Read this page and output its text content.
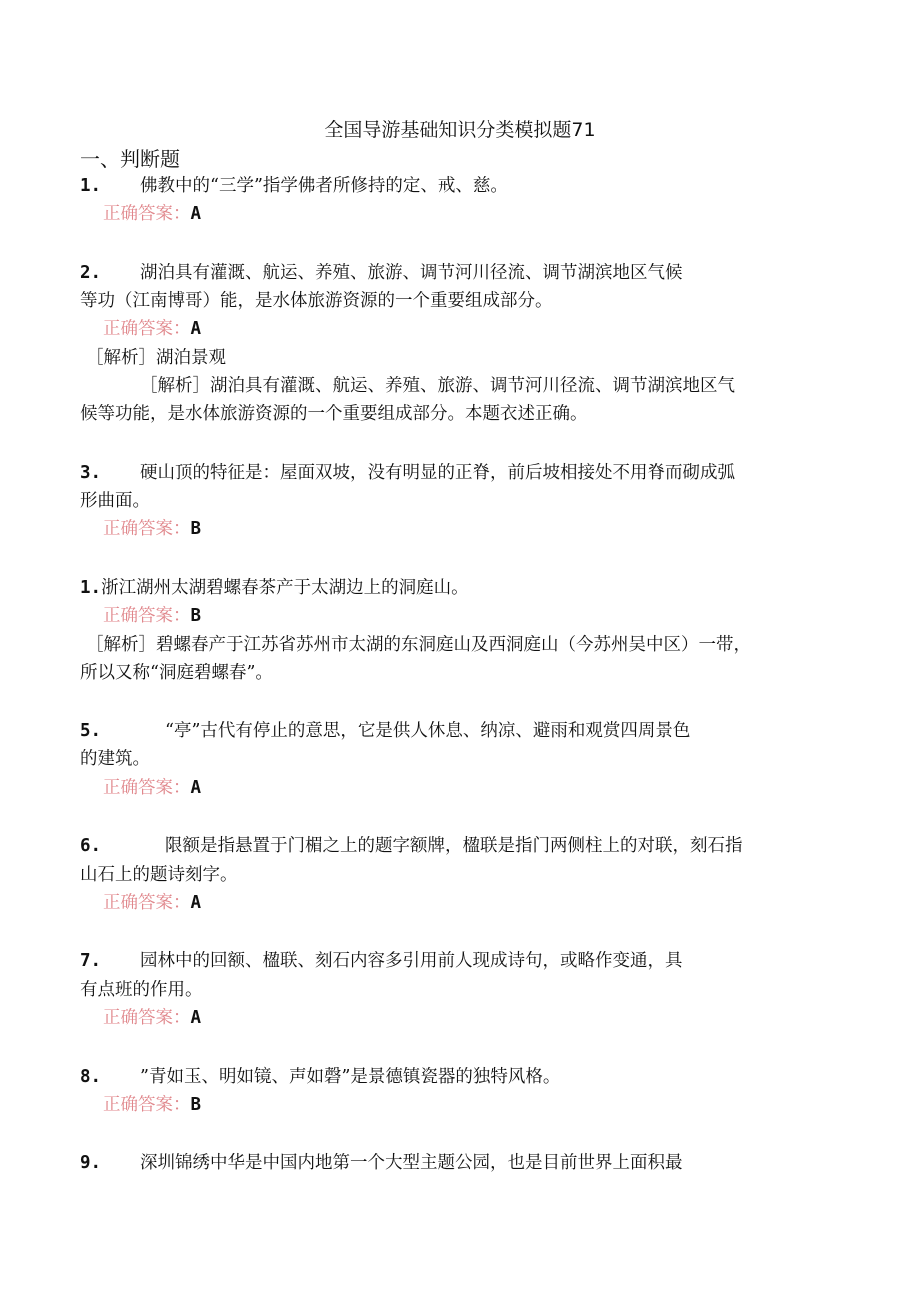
全国导游基础知识分类模拟题71
一、判断题
1. 佛教中的“三学”指学佛者所修持的定、戒、慈。
正确答案：A
2. 湖泊具有灌溉、航运、养殖、旅游、调节河川径流、调节湖滨地区气候
等功（江南博哥）能，是水体旅游资源的一个重要组成部分。
正确答案：A
［解析］湖泊景观
［解析］湖泊具有灌溉、航运、养殖、旅游、调节河川径流、调节湖滨地区气
候等功能，是水体旅游资源的一个重要组成部分。本题衣述正确。
3. 硬山顶的特征是：屋面双坡，没有明显的正脊，前后坡相接处不用脊而砌成弧
形曲面。
正确答案：B
1.浙江湖州太湖碧螺春茶产于太湖边上的洞庭山。
正确答案：B
［解析］碧螺春产于江苏省苏州市太湖的东洞庭山及西洞庭山（今苏州吴中区）一带，
所以又称“洞庭碧螺春”。
5.	“亭”古代有停止的意思，它是供人休息、纳凉、避雨和观赏四周景色
的建筑。
正确答案：A
6.	限额是指悬置于门楣之上的题字额牌，楹联是指门两侧柱上的对联，刻石指
山石上的题诗刻字。
正确答案：A
7. 园林中的回额、楹联、刻石内容多引用前人现成诗句，或略作变通，具
有点班的作用。
正确答案：A
8. ”青如玉、明如镜、声如磬”是景德镇瓷器的独特风格。
正确答案：B
9. 深圳锦绣中华是中国内地第一个大型主题公园，也是目前世界上面积最
